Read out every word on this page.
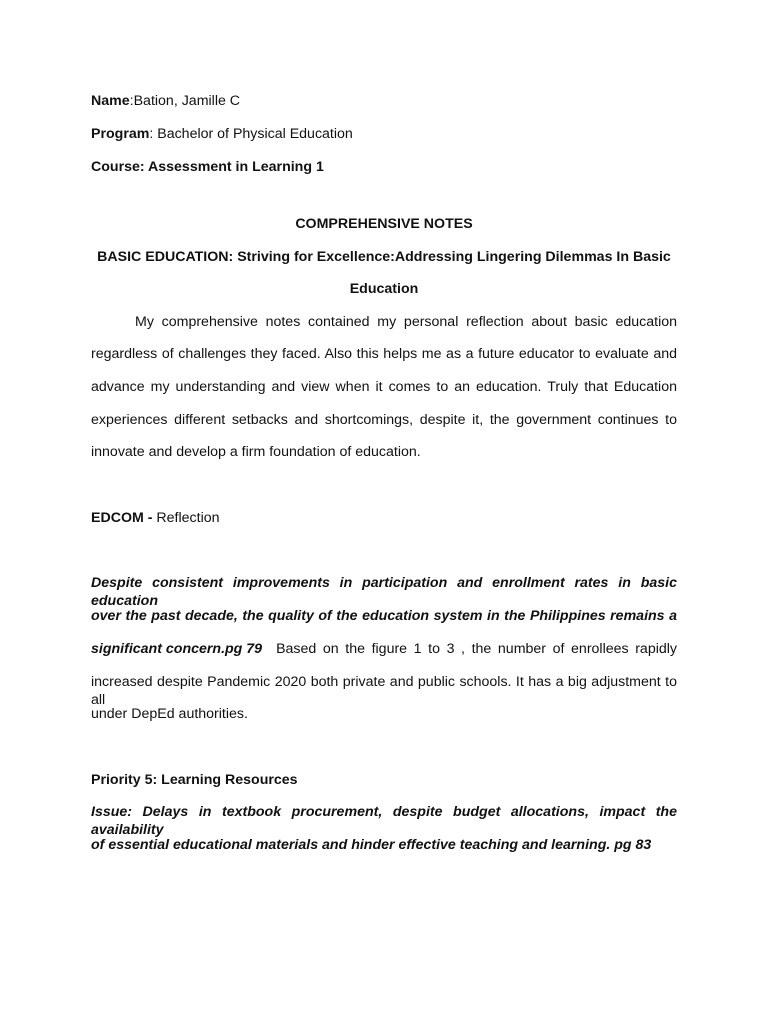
Name:Bation, Jamille C
Program: Bachelor of Physical Education
Course: Assessment in Learning 1
COMPREHENSIVE NOTES
BASIC EDUCATION: Striving for Excellence:Addressing Lingering Dilemmas In Basic
Education
My comprehensive notes contained my personal reflection about basic education
regardless of challenges they faced. Also this helps me as a future educator to evaluate and
advance my understanding and view when it comes to an education. Truly that Education
experiences different setbacks and shortcomings, despite it, the government continues to
innovate and develop a firm foundation of education.
EDCOM - Reflection
Despite consistent improvements in participation and enrollment rates in basic education
over the past decade, the quality of the education system in the Philippines remains a
significant concern.pg 79 Based on the figure 1 to 3 , the number of enrollees rapidly
increased despite Pandemic 2020 both private and public schools. It has a big adjustment to all
under DepEd authorities.
Priority 5: Learning Resources
Issue: Delays in textbook procurement, despite budget allocations, impact the availability
of essential educational materials and hinder effective teaching and learning. pg 83
